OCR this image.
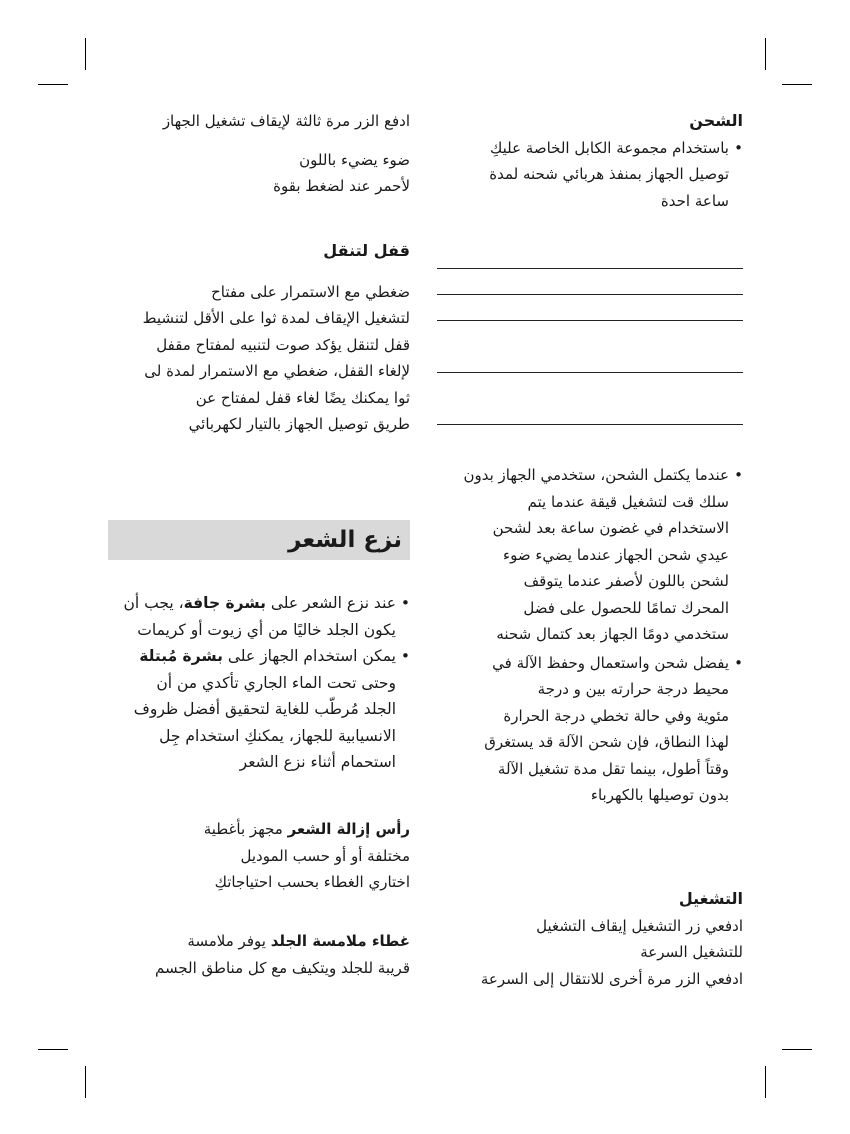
الشحن

•

باستخدام مجموعة الكابل الخاصة عليكِ

توصيل الجهاز بمنفذ هربائي شحنه لمدة

ساعة احدة

•

عندما يكتمل الشحن، ستخدمي الجهاز بدون

سلك قت لتشغيل قيقة عندما يتم

الاستخدام في غضون ساعة بعد لشحن

عيدي شحن الجهاز عندما يضيء ضوء

لشحن باللون لأصفر عندما يتوقف

المحرك تمامًا للحصول على فضل

ستخدمي دومًا الجهاز بعد كتمال شحنه

•

يفضل شحن واستعمال وحفظ الآلة في

محيط درجة حرارته بين و درجة

مئوية وفي حالة تخطي درجة الحرارة

لهذا النطاق، فإن شحن الآلة قد يستغرق

وقتاً أطول، بينما تقل مدة تشغيل الآلة

بدون توصيلها بالكهرباء

التشغيل

ادفعي زر التشغيل إيقاف التشغيل

للتشغيل السرعة

ادفعي الزر مرة أخرى للانتقال إلى السرعة

ادفع الزر مرة ثالثة لإيقاف تشغيل الجهاز

ضوء يضيء باللون

لأحمر عند لضغط بقوة

قفل لتنقل

ضغطي مع الاستمرار على مفتاح

لتشغيل الإيقاف لمدة ثوا على الأقل لتنشيط

قفل لتنقل يؤكد صوت لتنبيه لمفتاح مقفل

لإلغاء القفل، ضغطي مع الاستمرار لمدة لى

ثوا يمكنك يضًا لغاء قفل لمفتاح عن

طريق توصيل الجهاز بالتيار لكهربائي

نزع الشعر
•

عند نزع الشعر على بشرة جافة، يجب أن

يكون الجلد خاليًا من أي زيوت أو كريمات

•

يمكن استخدام الجهاز على بشرة مُبتلة

وحتى تحت الماء الجاري تأكدي من أن

الجلد مُرطّب للغاية لتحقيق أفضل ظروف

الانسيابية للجهاز، يمكنكِ استخدام جِل

استحمام أثناء نزع الشعر

رأس إزالة الشعر مجهز بأغطية

مختلفة أو أو حسب الموديل

اختاري الغطاء بحسب احتياجاتكِ

غطاء ملامسة الجلد يوفر ملامسة

قريبة للجلد ويتكيف مع كل مناطق الجسم
